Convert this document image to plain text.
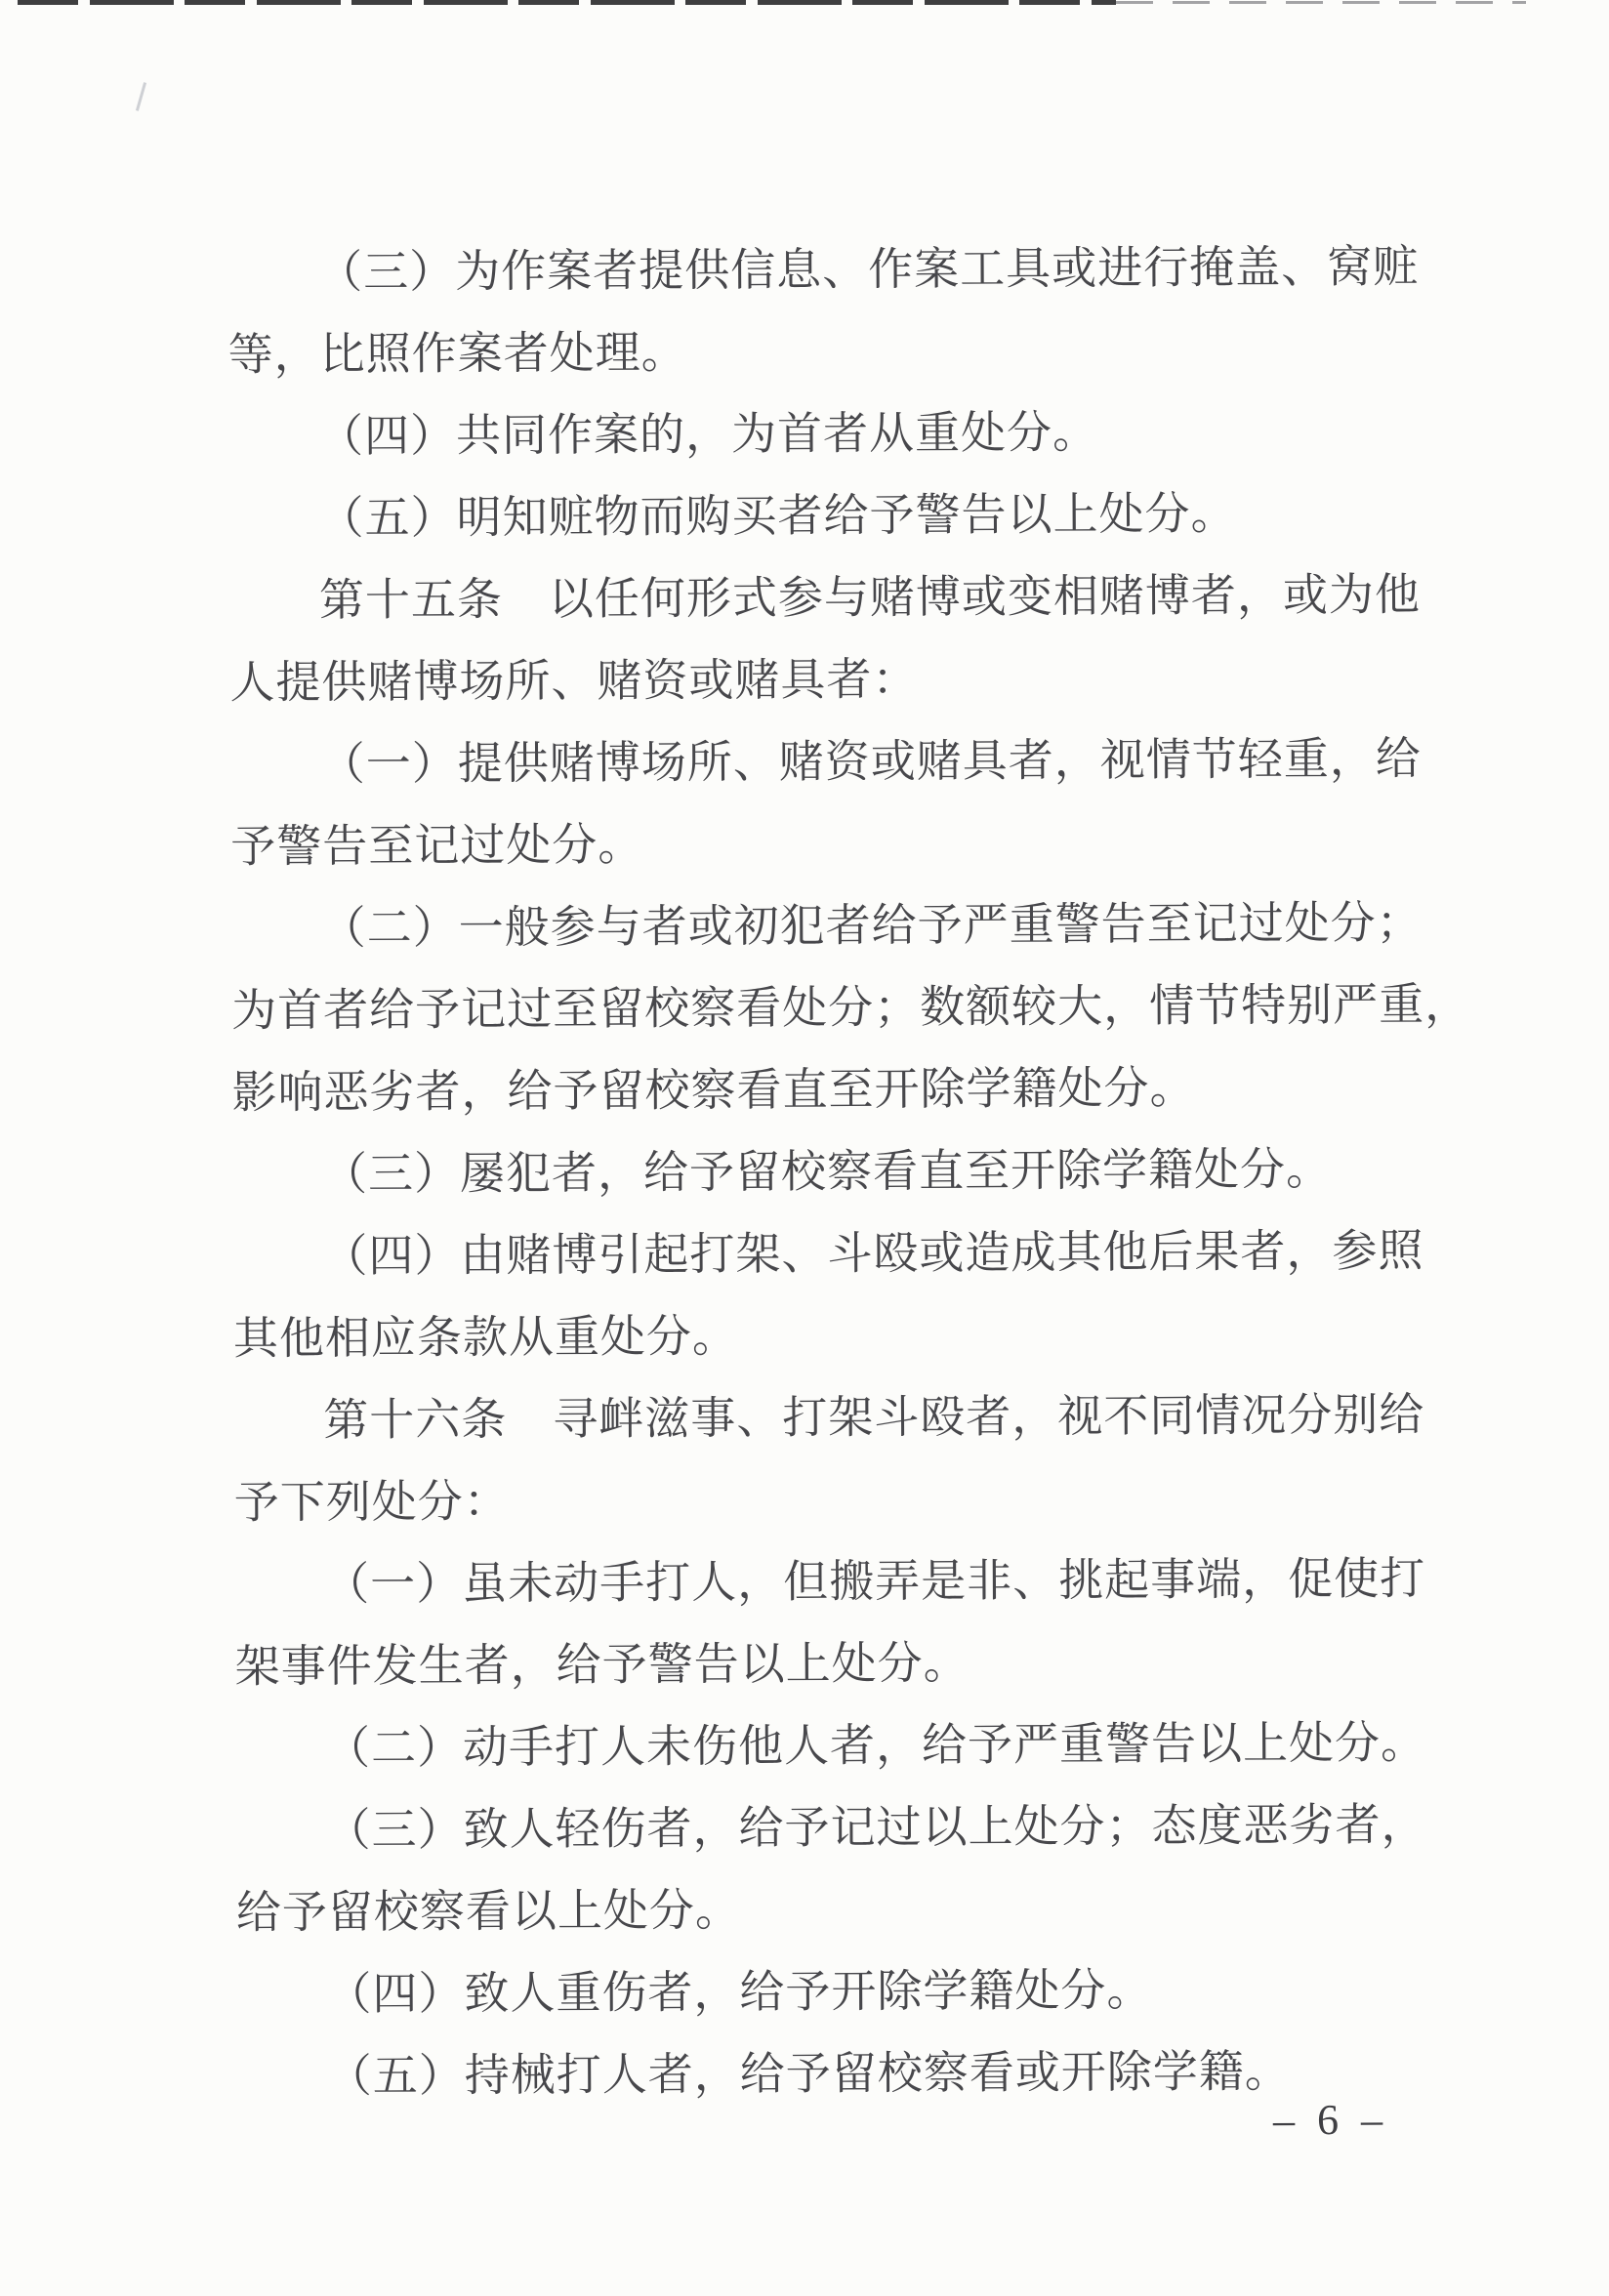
（三）为作案者提供信息、作案工具或进行掩盖、窝赃
等，比照作案者处理。
（四）共同作案的，为首者从重处分。
（五）明知赃物而购买者给予警告以上处分。
第十五条　以任何形式参与赌博或变相赌博者，或为他
人提供赌博场所、赌资或赌具者：
（一）提供赌博场所、赌资或赌具者，视情节轻重，给
予警告至记过处分。
（二）一般参与者或初犯者给予严重警告至记过处分；
为首者给予记过至留校察看处分；数额较大，情节特别严重，
影响恶劣者，给予留校察看直至开除学籍处分。
（三）屡犯者，给予留校察看直至开除学籍处分。
（四）由赌博引起打架、斗殴或造成其他后果者，参照
其他相应条款从重处分。
第十六条　寻衅滋事、打架斗殴者，视不同情况分别给
予下列处分：
（一）虽未动手打人，但搬弄是非、挑起事端，促使打
架事件发生者，给予警告以上处分。
（二）动手打人未伤他人者，给予严重警告以上处分。
（三）致人轻伤者，给予记过以上处分；态度恶劣者，
给予留校察看以上处分。
（四）致人重伤者，给予开除学籍处分。
（五）持械打人者，给予留校察看或开除学籍。
– 6 –
